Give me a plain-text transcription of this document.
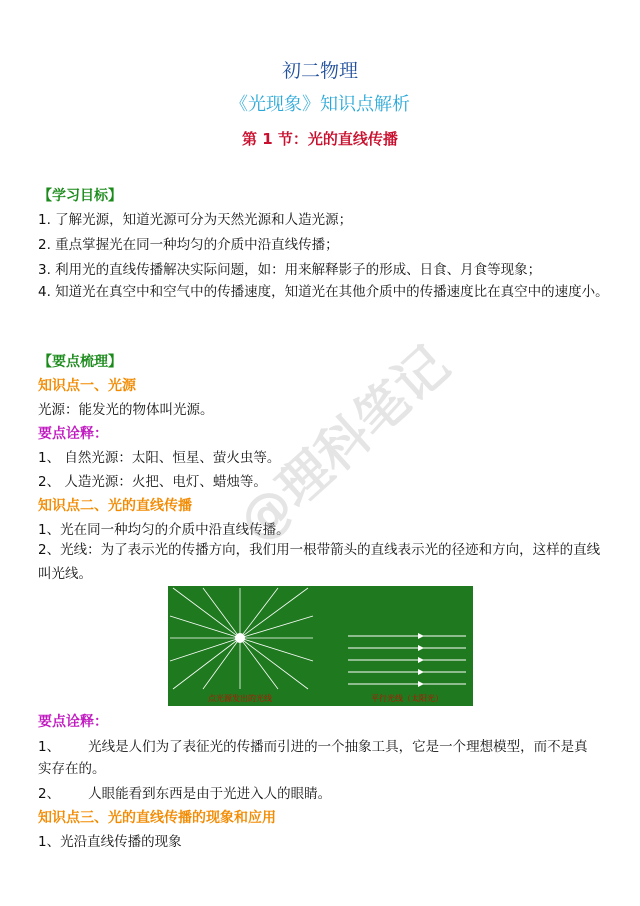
初二物理
《光现象》知识点解析
第 1 节：光的直线传播
【学习目标】
1. 了解光源，知道光源可分为天然光源和人造光源；
2. 重点掌握光在同一种均匀的介质中沿直线传播；
3. 利用光的直线传播解决实际问题，如：用来解释影子的形成、日食、月食等现象；
4. 知道光在真空中和空气中的传播速度，知道光在其他介质中的传播速度比在真空中的速度小。
【要点梳理】
知识点一、光源
光源：能发光的物体叫光源。
要点诠释：
1、 自然光源：太阳、恒星、萤火虫等。
2、 人造光源：火把、电灯、蜡烛等。
知识点二、光的直线传播
1、光在同一种均匀的介质中沿直线传播。
2、光线：为了表示光的传播方向，我们用一根带箭头的直线表示光的径迹和方向，这样的直线叫光线。
点光源发出的光线	平行光线（太阳光）
要点诠释：
1、 光线是人们为了表征光的传播而引进的一个抽象工具，它是一个理想模型，而不是真实存在的。
2、 人眼能看到东西是由于光进入人的眼睛。
知识点三、光的直线传播的现象和应用
1、光沿直线传播的现象
@理科笔记
